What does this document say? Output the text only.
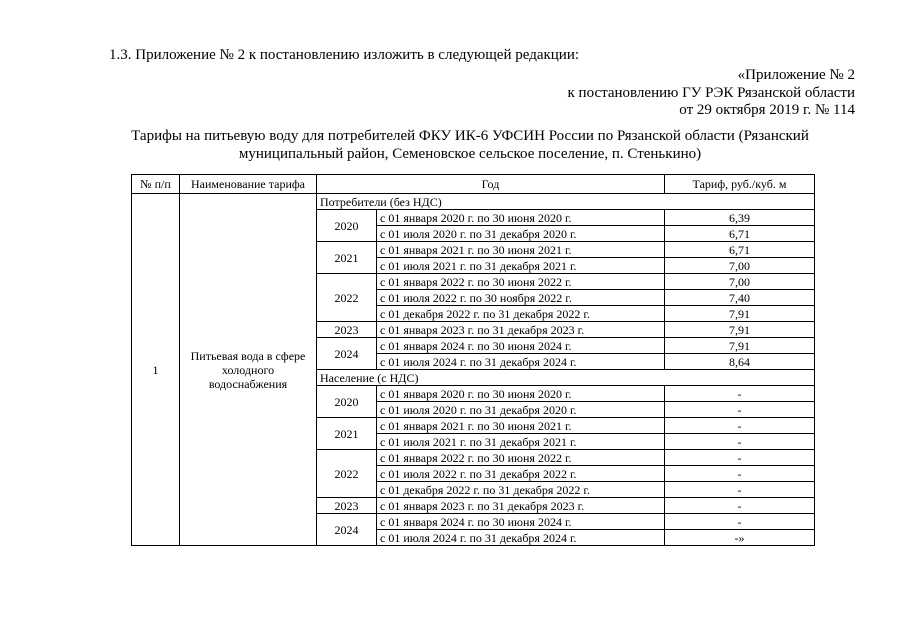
1.3. Приложение № 2 к постановлению изложить в следующей редакции:
«Приложение № 2
к постановлению ГУ РЭК Рязанской области
от 29 октября 2019 г. № 114
Тарифы на питьевую воду для потребителей ФКУ ИК-6 УФСИН России по Рязанской области (Рязанский
муниципальный район, Семеновское сельское поселение, п. Стенькино)
№ п/п	Наименование тарифа	Год		Тариф, руб./куб. м
1	Питьевая вода в сфере холодного водоснабжения	Потребители (без НДС)		
		2020	с 01 января 2020 г. по 30 июня 2020 г.	6,39
			с 01 июля 2020 г. по 31 декабря 2020 г.	6,71
		2021	с 01 января 2021 г. по 30 июня 2021 г.	6,71
			с 01 июля 2021 г. по 31 декабря 2021 г.	7,00
		2022	с 01 января 2022 г. по 30 июня 2022 г.	7,00
			с 01 июля 2022 г. по 30 ноября 2022 г.	7,40
			с 01 декабря 2022 г. по 31 декабря 2022 г.	7,91
		2023	с 01 января 2023 г. по 31 декабря 2023 г.	7,91
		2024	с 01 января 2024 г. по 30 июня 2024 г.	7,91
			с 01 июля 2024 г. по 31 декабря 2024 г.	8,64
		Население (с НДС)		
		2020	с 01 января 2020 г. по 30 июня 2020 г.	-
			с 01 июля 2020 г. по 31 декабря 2020 г.	-
		2021	с 01 января 2021 г. по 30 июня 2021 г.	-
			с 01 июля 2021 г. по 31 декабря 2021 г.	-
		2022	с 01 января 2022 г. по 30 июня 2022 г.	-
			с 01 июля 2022 г. по 31 декабря 2022 г.	-
			с 01 декабря 2022 г. по 31 декабря 2022 г.	-
		2023	с 01 января 2023 г. по 31 декабря 2023 г.	-
		2024	с 01 января 2024 г. по 30 июня 2024 г.	-
			с 01 июля 2024 г. по 31 декабря 2024 г.	-»
